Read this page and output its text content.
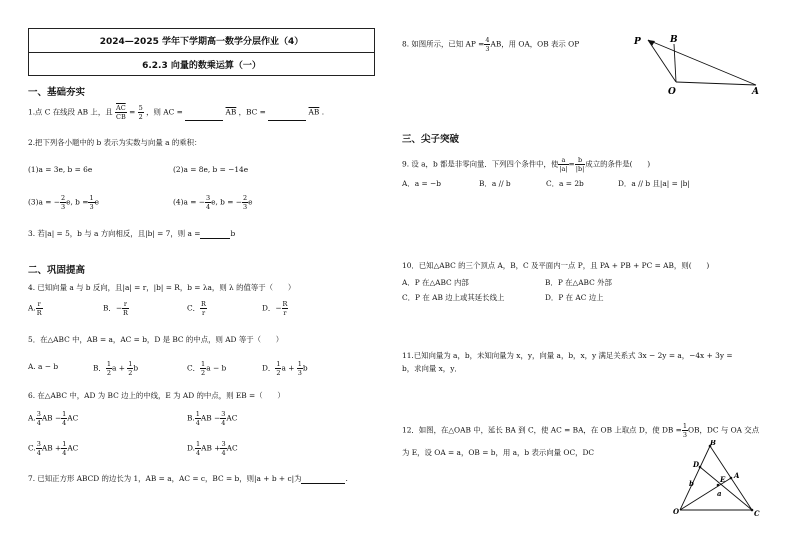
2024—2025 学年下学期高一数学分层作业（4）
6.2.3 向量的数乘运算（一）
一、基础夯实
1.点 C 在线段 AB 上，且 $\frac{\overline{AC}}{CB} = \frac{5}{2}$ ，则 AC =	$\overline{AB}$ ，BC =	$\overline{AB}$ .
2.把下列各小题中的 b 表示为实数与向量 a 的乘积：
(1)a = 3e, b = 6e	(2)a = 8e, b = −14e
(3)a = − $\frac{2}{3} e$, $b = \frac{1}{3}$ e	(4)a = − $\frac{3}{4} e$, b = − $\frac{2}{3}$ e
3. 若|a| = 5，b 与 a 方向相反，且|b| = 7，则 a =	b
二、巩固提高
4. 已知向量 a 与 b 反向，且|a| = r，|b| = R，b = λa，则 λ 的值等于（　　）
A. $\frac{r}{R}$	B．− $\frac{r}{R}$	C． $\frac{R}{r}$	D．− $\frac{R}{r}$
5．在△ABC 中，AB = a，AC = b，D 是 BC 的中点，则 AD 等于（　　）
A. a − b	B． $\frac{1}{2}$ $a + \frac{1}{2}$ b	C． $\frac{1}{2}$ a − b	D． $\frac{1}{2}$ $a + \frac{1}{3}$ b
6. 在△ABC 中，AD 为 BC 边上的中线，E 为 AD 的中点，则 EB =（　　）
A. $\frac{3}{4}$ AB − $\frac{1}{4}$ AC	B. $\frac{1}{4}$ AB − $\frac{3}{4}$ AC
C. $\frac{3}{4}$ AB + $\frac{1}{4}$ AC	D. $\frac{1}{4}$ AB + $\frac{3}{4}$ AC
7. 已知正方形 ABCD 的边长为 1，AB = a，AC = c，BC = b，则|a + b + c|为	.
8. 如图所示，已知 AP = $\frac{4}{3}$ AB，用 OA，OB 表示 OP	P	B
O	A
三、尖子突破
9. 设 a，b 都是非零向量．下列四个条件中，使 $\frac{a}{|a|} = \frac{b}{|b|}$ 成立的条件是(　　)
A．a = −b	B．a // b	C．a = 2b	D．a // b 且|a| = |b|
10．已知△ABC 的三个顶点 A，B，C 及平面内一点 P，且 PA + PB + PC = AB，则(　　)
A．P 在△ABC 内部	B．P 在△ABC 外部
C．P 在 AB 边上或其延长线上	D．P 在 AC 边上
11.已知向量为 a，b，未知向量为 x，y，向量 a，b，x，y 满足关系式 3x − 2y = a，−4x + 3y =
b，求向量 x，y．
12．如图，在△OAB 中，延长 BA 到 C，使 AC = BA，在 OB 上取点 D，使 DB = $\frac{1}{3}$ OB，DC 与 OA 交点
为 E，设 OA = a，OB = b，用 a，b 表示向量 OC，DC
B
D
E A
a
b
O	C
